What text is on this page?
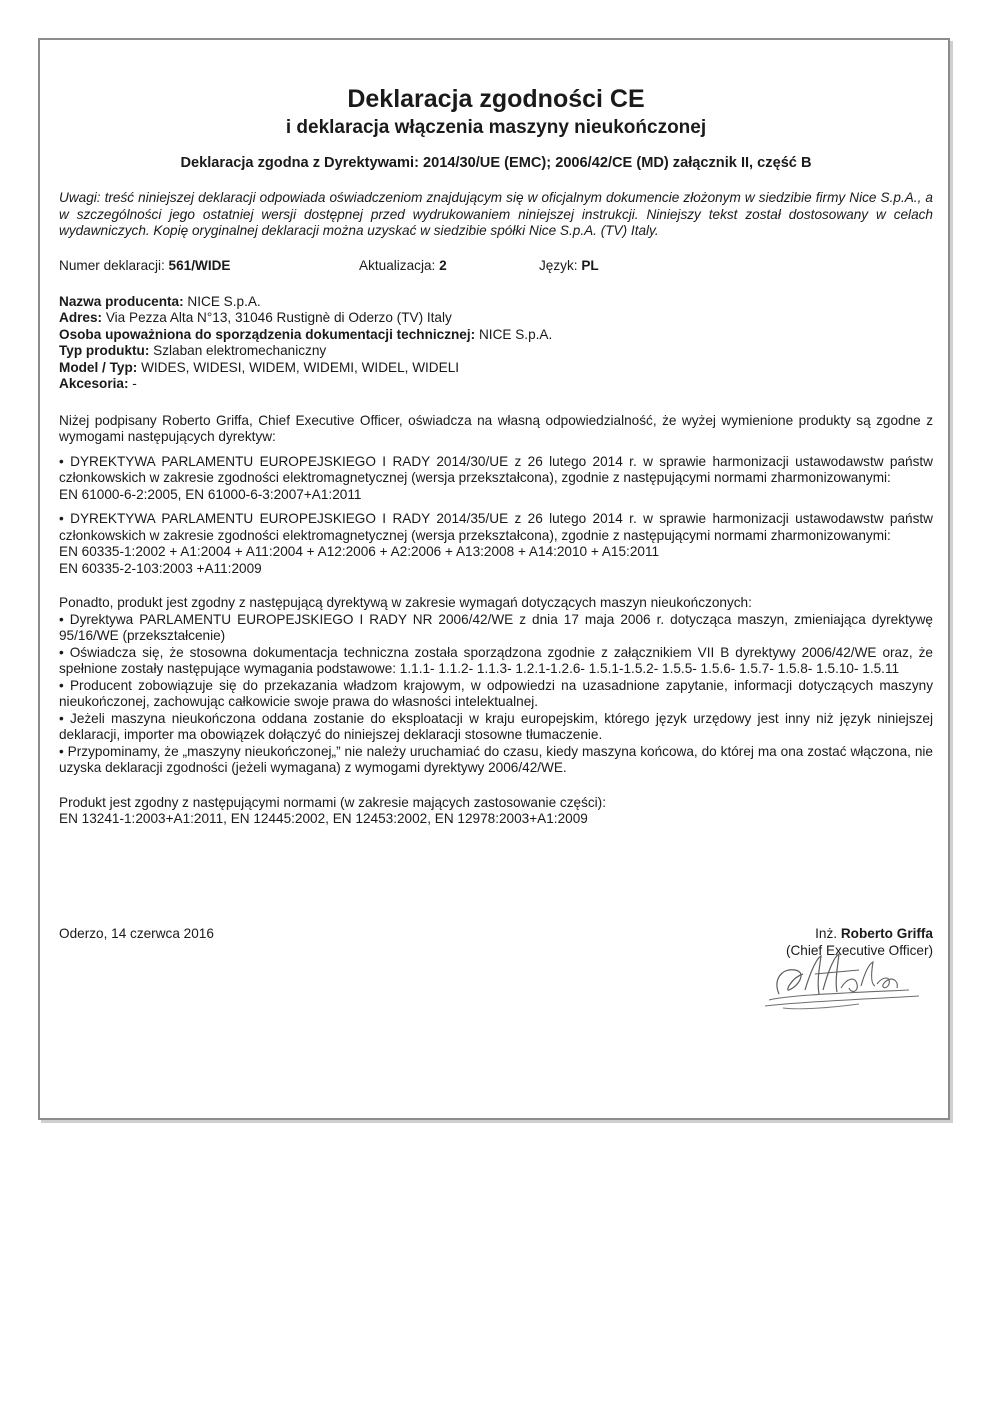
Deklaracja zgodności CE
i deklaracja włączenia maszyny nieukończonej

Deklaracja zgodna z Dyrektywami: 2014/30/UE (EMC); 2006/42/CE (MD) załącznik II, część B

Uwagi: treść niniejszej deklaracji odpowiada oświadczeniom znajdującym się w oficjalnym dokumencie złożonym w siedzibie firmy Nice S.p.A., a w szczególności jego ostatniej wersji dostępnej przed wydrukowaniem niniejszej instrukcji. Niniejszy tekst został dostosowany w celach wydawniczych. Kopię oryginalnej deklaracji można uzyskać w siedzibie spółki Nice S.p.A. (TV) Italy.

Numer deklaracji: 561/WIDE	Aktualizacja: 2	Język: PL
Nazwa producenta: NICE S.p.A.
Adres: Via Pezza Alta N°13, 31046 Rustignè di Oderzo (TV) Italy
Osoba upoważniona do sporządzenia dokumentacji technicznej: NICE S.p.A.
Typ produktu: Szlaban elektromechaniczny
Model / Typ: WIDES, WIDESI, WIDEM, WIDEMI, WIDEL, WIDELI
Akcesoria: -

Niżej podpisany Roberto Griffa, Chief Executive Officer, oświadcza na własną odpowiedzialność, że wyżej wymienione produkty są zgodne z wymogami następujących dyrektyw:

• DYREKTYWA PARLAMENTU EUROPEJSKIEGO I RADY 2014/30/UE z 26 lutego 2014 r. w sprawie harmonizacji ustawodawstw państw członkowskich w zakresie zgodności elektromagnetycznej (wersja przekształcona), zgodnie z następującymi normami zharmonizowanymi:

EN 61000-6-2:2005, EN 61000-6-3:2007+A1:2011

• DYREKTYWA PARLAMENTU EUROPEJSKIEGO I RADY 2014/35/UE z 26 lutego 2014 r. w sprawie harmonizacji ustawodawstw państw członkowskich w zakresie zgodności elektromagnetycznej (wersja przekształcona), zgodnie z następującymi normami zharmonizowanymi:

EN 60335-1:2002 + A1:2004 + A11:2004 + A12:2006 + A2:2006 + A13:2008 + A14:2010 + A15:2011

EN 60335-2-103:2003 +A11:2009

Ponadto, produkt jest zgodny z następującą dyrektywą w zakresie wymagań dotyczących maszyn nieukończonych:

• Dyrektywa PARLAMENTU EUROPEJSKIEGO I RADY NR 2006/42/WE z dnia 17 maja 2006 r. dotycząca maszyn, zmieniająca dyrektywę 95/16/WE (przekształcenie)

• Oświadcza się, że stosowna dokumentacja techniczna została sporządzona zgodnie z załącznikiem VII B dyrektywy 2006/42/WE oraz, że spełnione zostały następujące wymagania podstawowe: 1.1.1- 1.1.2- 1.1.3- 1.2.1-1.2.6- 1.5.1-1.5.2- 1.5.5- 1.5.6- 1.5.7- 1.5.8- 1.5.10- 1.5.11

• Producent zobowiązuje się do przekazania władzom krajowym, w odpowiedzi na uzasadnione zapytanie, informacji dotyczących maszyny nieukończonej, zachowując całkowicie swoje prawa do własności intelektualnej.

• Jeżeli maszyna nieukończona oddana zostanie do eksploatacji w kraju europejskim, którego język urzędowy jest inny niż język niniejszej deklaracji, importer ma obowiązek dołączyć do niniejszej deklaracji stosowne tłumaczenie.

• Przypominamy, że „maszyny nieukończonej„” nie należy uruchamiać do czasu, kiedy maszyna końcowa, do której ma ona zostać włączona, nie uzyska deklaracji zgodności (jeżeli wymagana) z wymogami dyrektywy 2006/42/WE.

Produkt jest zgodny z następującymi normami (w zakresie mających zastosowanie części):

EN 13241-1:2003+A1:2011, EN 12445:2002, EN 12453:2002, EN 12978:2003+A1:2009

Oderzo, 14 czerwca 2016	Inż. Roberto Griffa
(Chief Executive Officer)
